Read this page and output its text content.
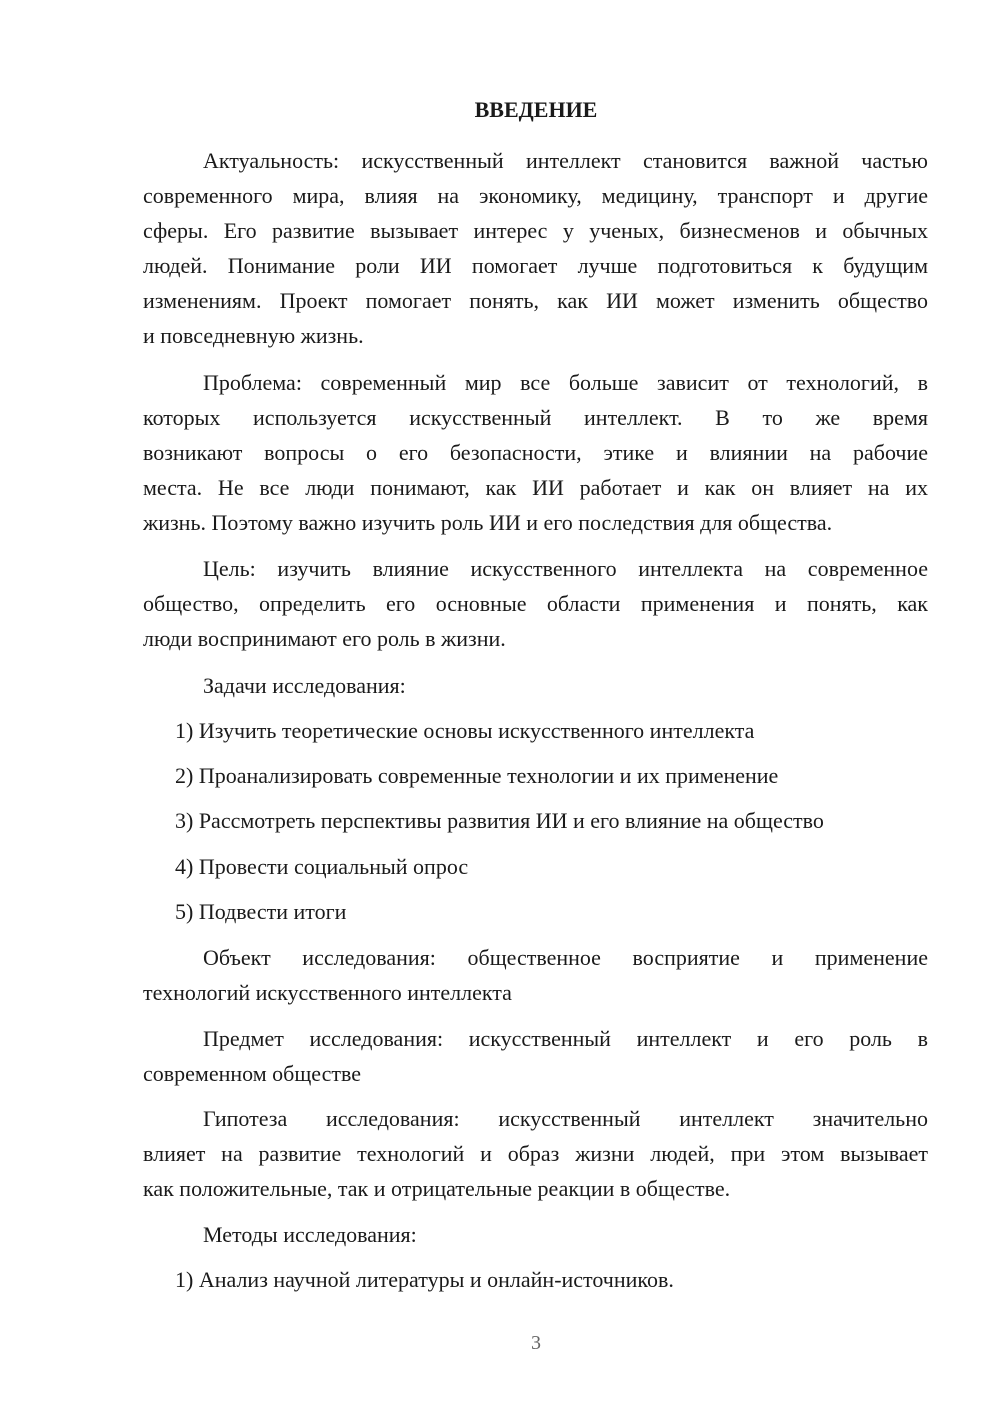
ВВЕДЕНИЕ
Актуальность: искусственный интеллект становится важной частью
современного мира, влияя на экономику, медицину, транспорт и другие
сферы. Его развитие вызывает интерес у ученых, бизнесменов и обычных
людей. Понимание роли ИИ помогает лучше подготовиться к будущим
изменениям. Проект помогает понять, как ИИ может изменить общество
и повседневную жизнь.
Проблема: современный мир все больше зависит от технологий, в
которых используется искусственный интеллект. В то же время
возникают вопросы о его безопасности, этике и влиянии на рабочие
места. Не все люди понимают, как ИИ работает и как он влияет на их
жизнь. Поэтому важно изучить роль ИИ и его последствия для общества.
Цель: изучить влияние искусственного интеллекта на современное
общество, определить его основные области применения и понять, как
люди воспринимают его роль в жизни.
Задачи исследования:
Объект исследования: общественное восприятие и применение
технологий искусственного интеллекта
Предмет исследования: искусственный интеллект и его роль в
современном обществе
Гипотеза исследования: искусственный интеллект значительно
влияет на развитие технологий и образ жизни людей, при этом вызывает
как положительные, так и отрицательные реакции в обществе.
Методы исследования:
1) Изучить теоретические основы искусственного интеллекта
2) Проанализировать современные технологии и их применение
3) Рассмотреть перспективы развития ИИ и его влияние на общество
4) Провести социальный опрос
5) Подвести итоги
1) Анализ научной литературы и онлайн-источников.
3
